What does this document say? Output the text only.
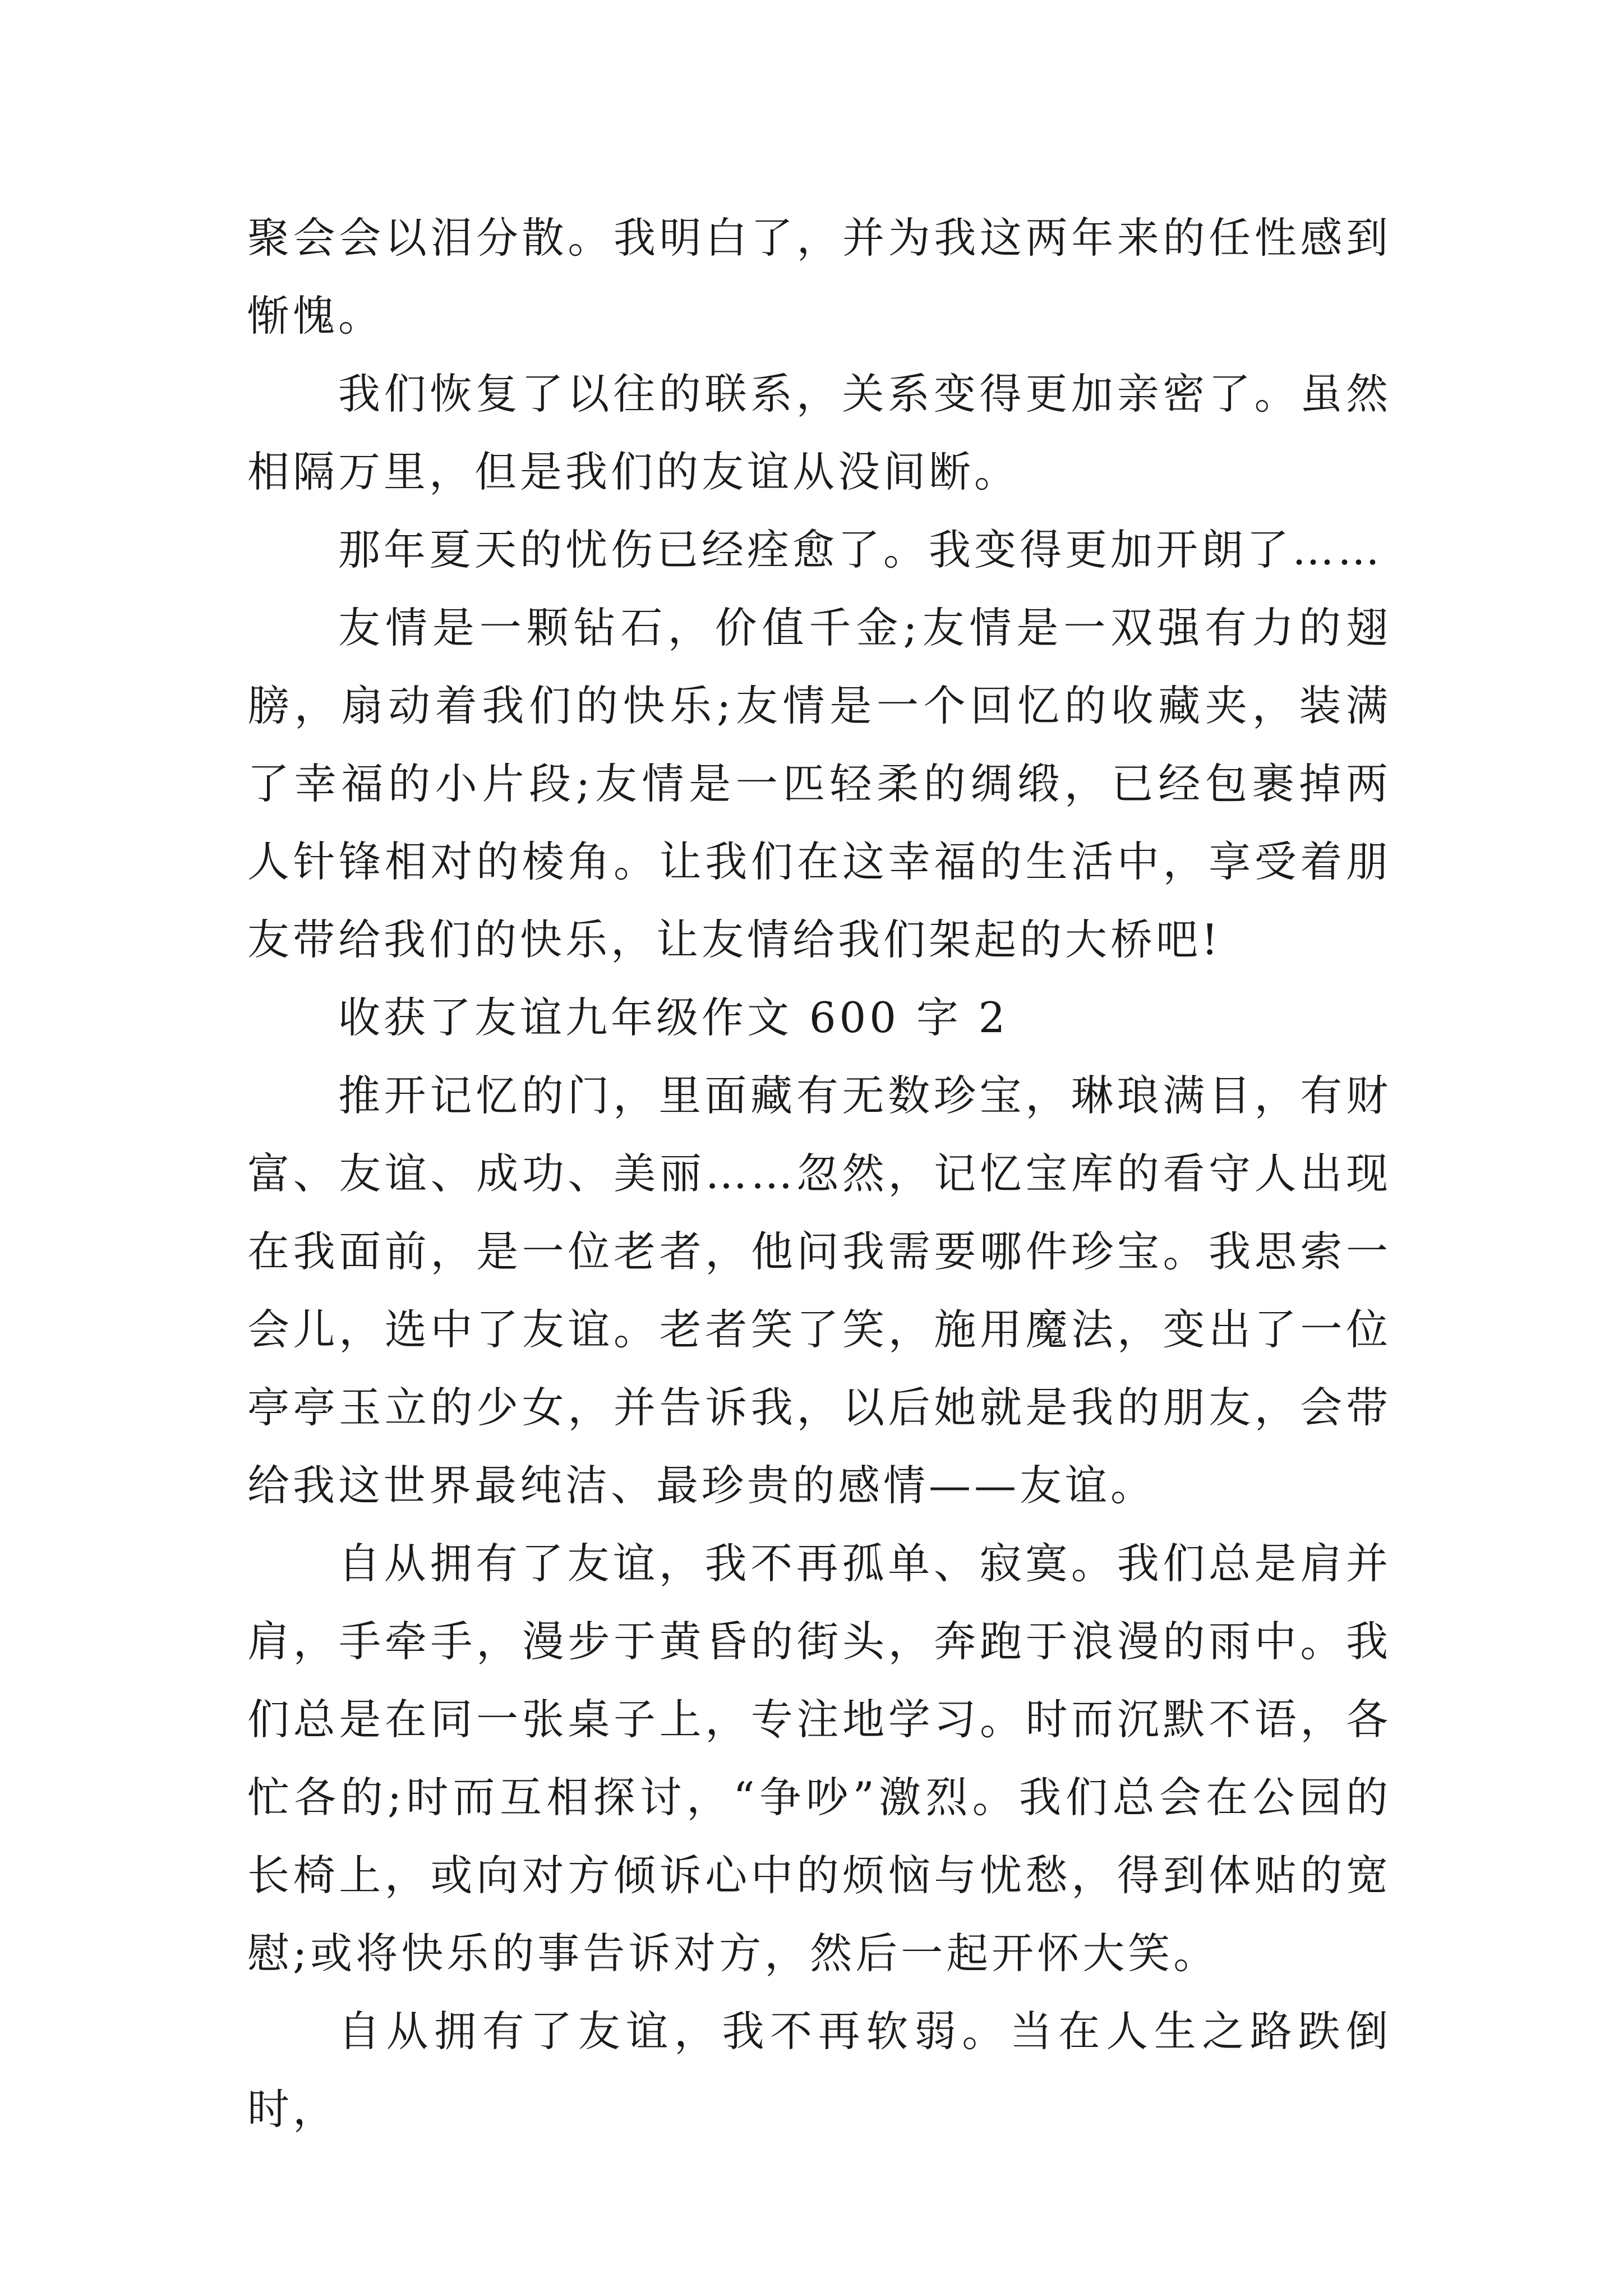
聚会会以泪分散。我明白了，并为我这两年来的任性感到惭愧。

我们恢复了以往的联系，关系变得更加亲密了。虽然相隔万里，但是我们的友谊从没间断。

那年夏天的忧伤已经痊愈了。我变得更加开朗了……

友情是一颗钻石，价值千金;友情是一双强有力的翅膀，扇动着我们的快乐;友情是一个回忆的收藏夹，装满了幸福的小片段;友情是一匹轻柔的绸缎，已经包裹掉两人针锋相对的棱角。让我们在这幸福的生活中，享受着朋友带给我们的快乐，让友情给我们架起的大桥吧!

收获了友谊九年级作文 600 字 2

推开记忆的门，里面藏有无数珍宝，琳琅满目，有财富、友谊、成功、美丽……忽然，记忆宝库的看守人出现在我面前，是一位老者，他问我需要哪件珍宝。我思索一会儿，选中了友谊。老者笑了笑，施用魔法，变出了一位亭亭玉立的少女，并告诉我，以后她就是我的朋友，会带给我这世界最纯洁、最珍贵的感情——友谊。

自从拥有了友谊，我不再孤单、寂寞。我们总是肩并肩，手牵手，漫步于黄昏的街头，奔跑于浪漫的雨中。我们总是在同一张桌子上，专注地学习。时而沉默不语，各忙各的;时而互相探讨，“争吵”激烈。我们总会在公园的长椅上，或向对方倾诉心中的烦恼与忧愁，得到体贴的宽慰;或将快乐的事告诉对方，然后一起开怀大笑。

自从拥有了友谊，我不再软弱。当在人生之路跌倒时，
